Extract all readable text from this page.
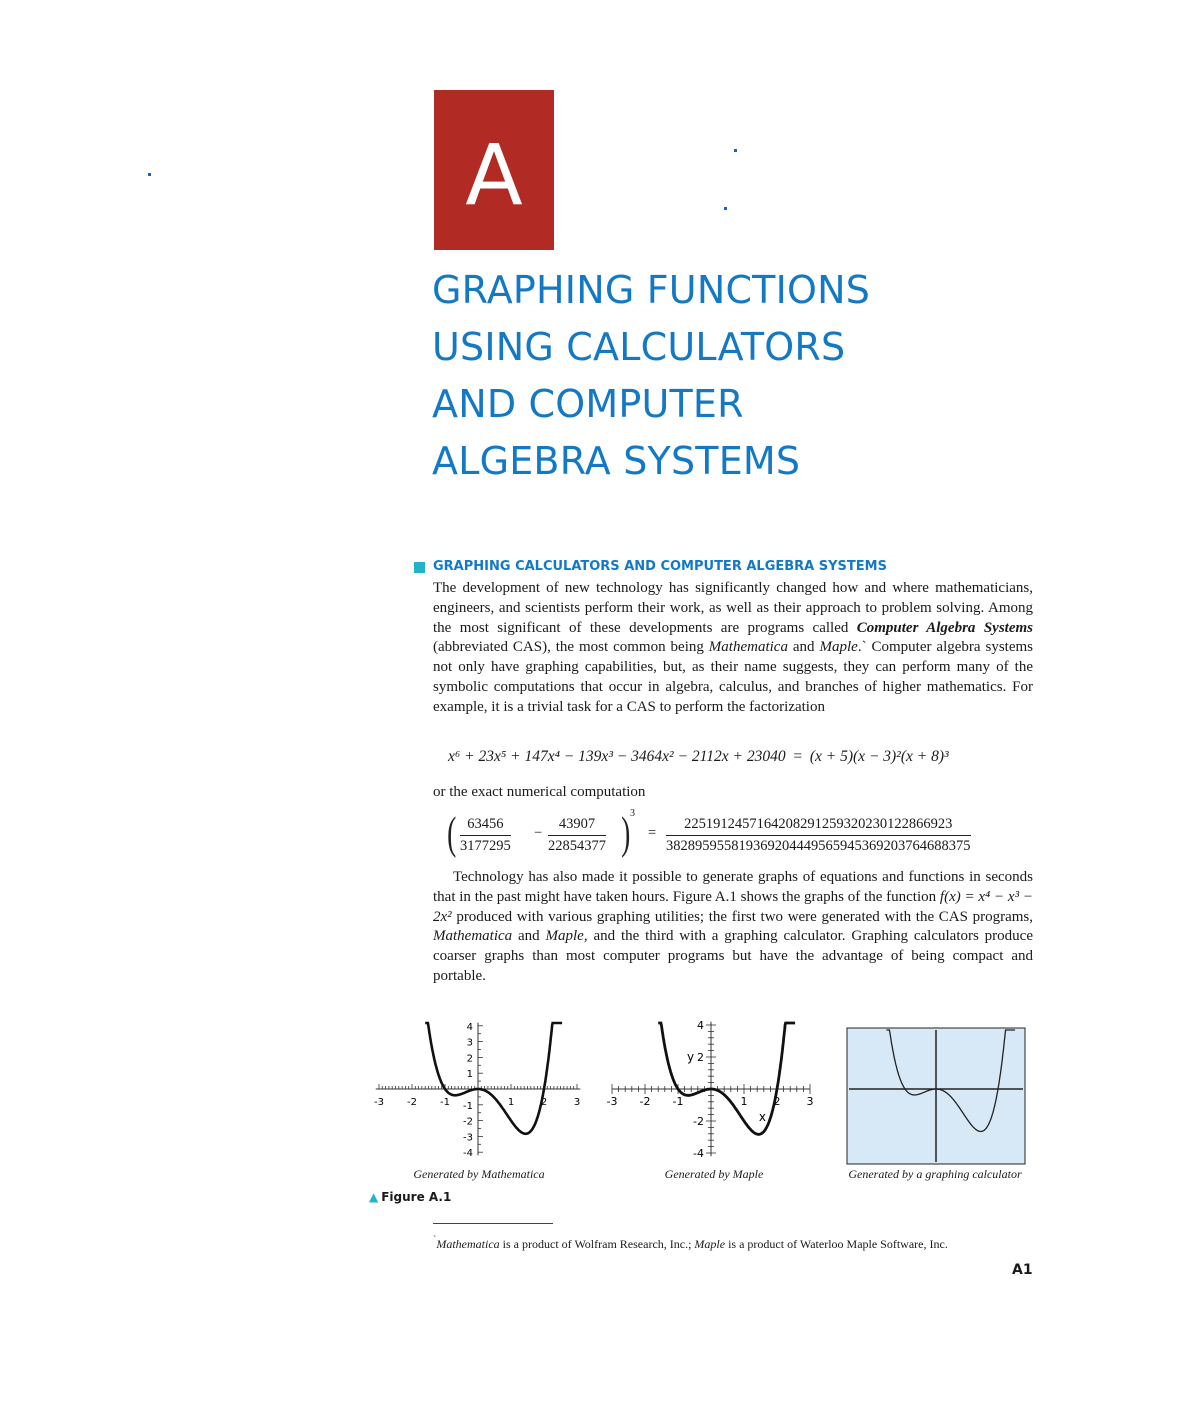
A
GRAPHING FUNCTIONS
USING CALCULATORS
AND COMPUTER
ALGEBRA SYSTEMS
GRAPHING CALCULATORS AND COMPUTER ALGEBRA SYSTEMS
The development of new technology has significantly changed how and where mathematicians, engineers, and scientists perform their work, as well as their approach to problem solving. Among the most significant of these developments are programs called Computer Algebra Systems (abbreviated CAS), the most common being Mathematica and Maple.` Computer algebra systems not only have graphing capabilities, but, as their name suggests, they can perform many of the symbolic computations that occur in algebra, calculus, and branches of higher mathematics. For example, it is a trivial task for a CAS to perform the factorization
x⁶ + 23x⁵ + 147x⁴ − 139x³ − 3464x² − 2112x + 23040  =  (x + 5)(x − 3)²(x + 8)³
or the exact numerical computation
( $\frac{63456}{3177295} - \frac{43907}{22854377}$ ) 3
= $\frac{2251912457164208291259320230122866923}{382895955819369204449565945369203764688375}$
Technology has also made it possible to generate graphs of equations and functions in seconds that in the past might have taken hours. Figure A.1 shows the graphs of the function f(x) = x⁴ − x³ − 2x² produced with various graphing utilities; the first two were generated with the CAS programs, Mathematica and Maple, and the third with a graphing calculator. Graphing calculators produce coarser graphs than most computer programs but have the advantage of being compact and portable.
-3 -2 -1	1	2	3
4
3
2
1
-1
-2
-3
-4
-3 -2 -1	1 2 3
4
2
-2
-4
x
y
Generated by Mathematica	Generated by Maple	Generated by a graphing calculator
▲ Figure A.1
`Mathematica is a product of Wolfram Research, Inc.; Maple is a product of Waterloo Maple Software, Inc.
A1
